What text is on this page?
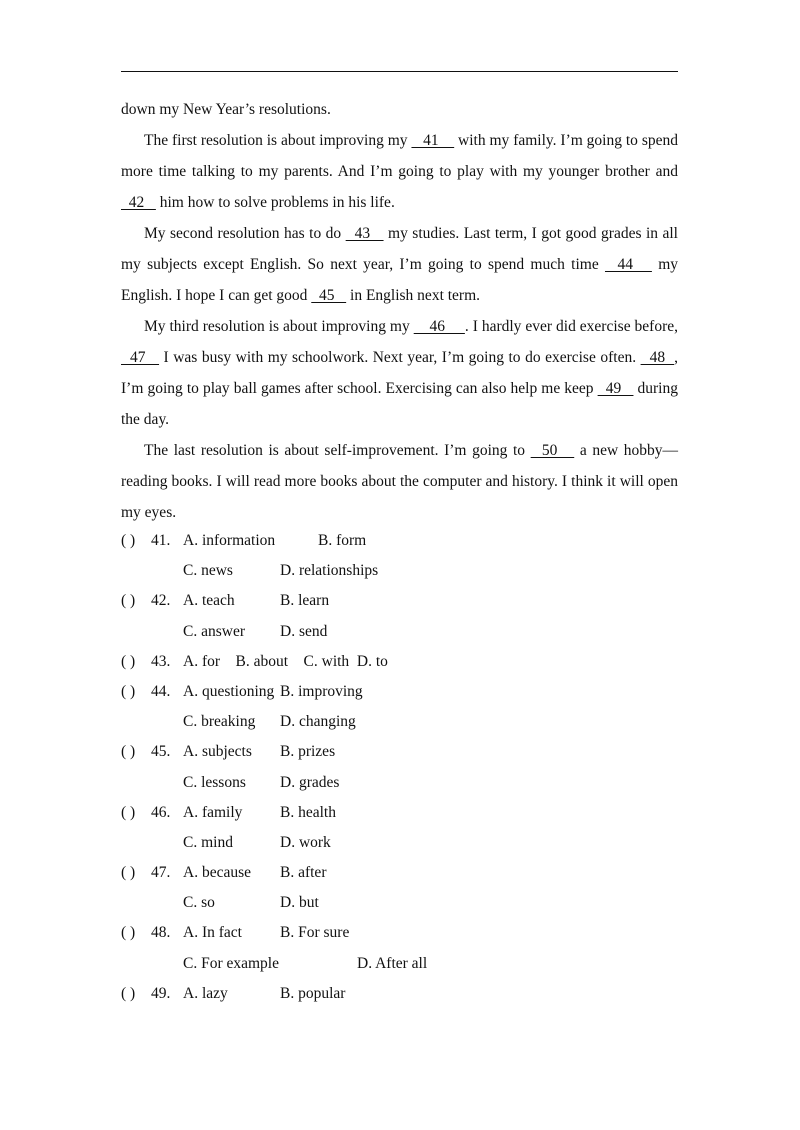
down my New Year’s resolutions.

The first resolution is about improving my    41     with my family. I’m going to spend more time talking to my parents. And I’m going to play with my younger brother and   42    him how to solve problems in his life.

My second resolution has to do   43    my studies. Last term, I got good grades in all my subjects except English. So next year, I’m going to spend much time   44    my English. I hope I can get good   45    in English next term.

My third resolution is about improving my     46     . I hardly ever did exercise before,   47    I was busy with my schoolwork. Next year, I’m going to do exercise often.   48  , I’m going to play ball games after school. Exercising can also help me keep   49    during the day.

The last resolution is about self-improvement. I’m going to   50    a new hobby—reading books. I will read more books about the computer and history. I think it will open my eyes.

( ) 41. A. information	B. form
C. news	D. relationships
( ) 42. A. teach	B. learn
C. answer D. send
( ) 43. A. for    B. about    C. with  D. to
( ) 44. A. questioning B. improving
C. breaking D. changing
( ) 45. A. subjects B. prizes
C. lessons D. grades
( ) 46. A. family B. health
C. mind	D. work
( ) 47. A. because B. after
C. so	D. but
( ) 48. A. In fact B. For sure
C. For example	D. After all
( ) 49. A. lazy	B. popular
